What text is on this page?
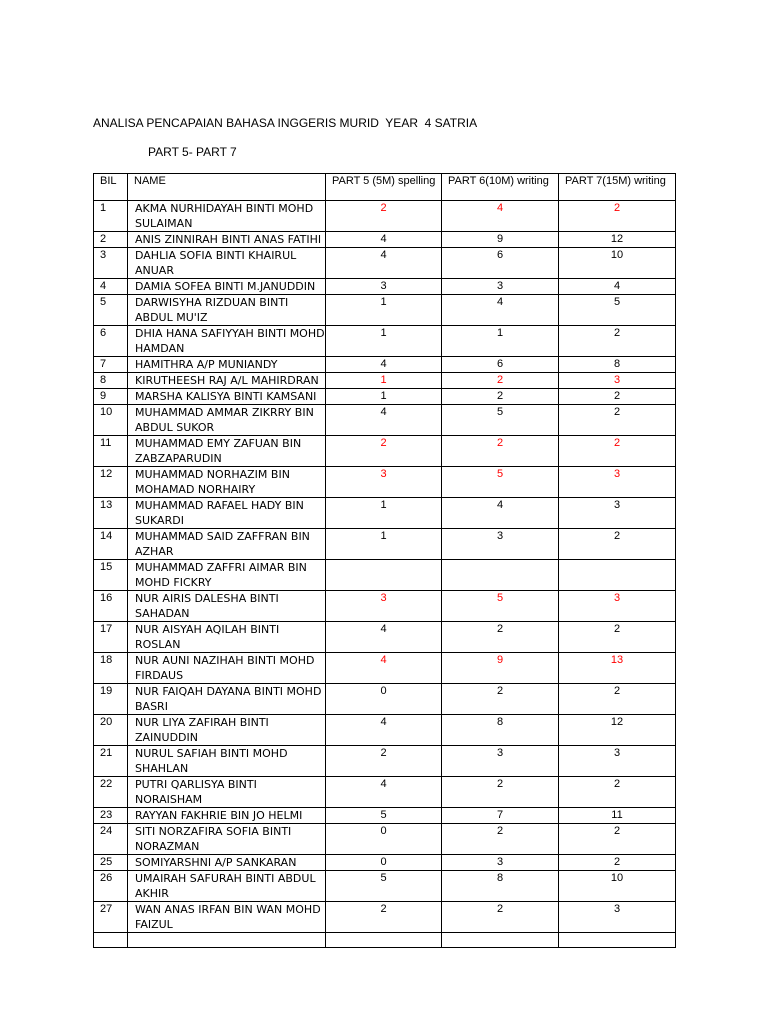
ANALISA PENCAPAIAN BAHASA INGGERIS MURID  YEAR  4 SATRIA
PART 5- PART 7
BIL	NAME	PART 5 (5M) spelling	PART 6(10M) writing	PART 7(15M) writing

1	AKMA NURHIDAYAH BINTI MOHD SULAIMAN	2	4	2

2	ANIS ZINNIRAH BINTI ANAS FATIHI	4	9	12

3	DAHLIA SOFIA BINTI KHAIRUL ANUAR	4	6	10

4	DAMIA SOFEA BINTI M.JANUDDIN	3	3	4

5	DARWISYHA RIZDUAN BINTI ABDUL MU'IZ	1	4	5

6	DHIA HANA SAFIYYAH BINTI MOHD HAMDAN	1	1	2

7	HAMITHRA A/P MUNIANDY	4	6	8

8	KIRUTHEESH RAJ A/L MAHIRDRAN	1	2	3

9	MARSHA KALISYA BINTI KAMSANI	1	2	2

10	MUHAMMAD AMMAR ZIKRRY BIN ABDUL SUKOR	4	5	2

11	MUHAMMAD EMY ZAFUAN BIN ZABZAPARUDIN	2	2	2

12	MUHAMMAD NORHAZIM BIN MOHAMAD NORHAIRY	3	5	3

13	MUHAMMAD RAFAEL HADY BIN SUKARDI	1	4	3

14	MUHAMMAD SAID ZAFFRAN BIN AZHAR	1	3	2

15	MUHAMMAD ZAFFRI AIMAR BIN MOHD FICKRY			

16	NUR AIRIS DALESHA BINTI SAHADAN	3	5	3

17	NUR AISYAH AQILAH BINTI ROSLAN	4	2	2

18	NUR AUNI NAZIHAH BINTI MOHD FIRDAUS	4	9	13

19	NUR FAIQAH DAYANA BINTI MOHD BASRI	0	2	2

20	NUR LIYA ZAFIRAH BINTI ZAINUDDIN	4	8	12

21	NURUL SAFIAH BINTI MOHD SHAHLAN	2	3	3

22	PUTRI QARLISYA BINTI NORAISHAM	4	2	2

23	RAYYAN FAKHRIE BIN JO HELMI	5	7	11

24	SITI NORZAFIRA SOFIA BINTI NORAZMAN	0	2	2

25	SOMIYARSHNI A/P SANKARAN	0	3	2

26	UMAIRAH SAFURAH BINTI ABDUL AKHIR	5	8	10

27	WAN ANAS IRFAN BIN WAN MOHD FAIZUL	2	2	3
